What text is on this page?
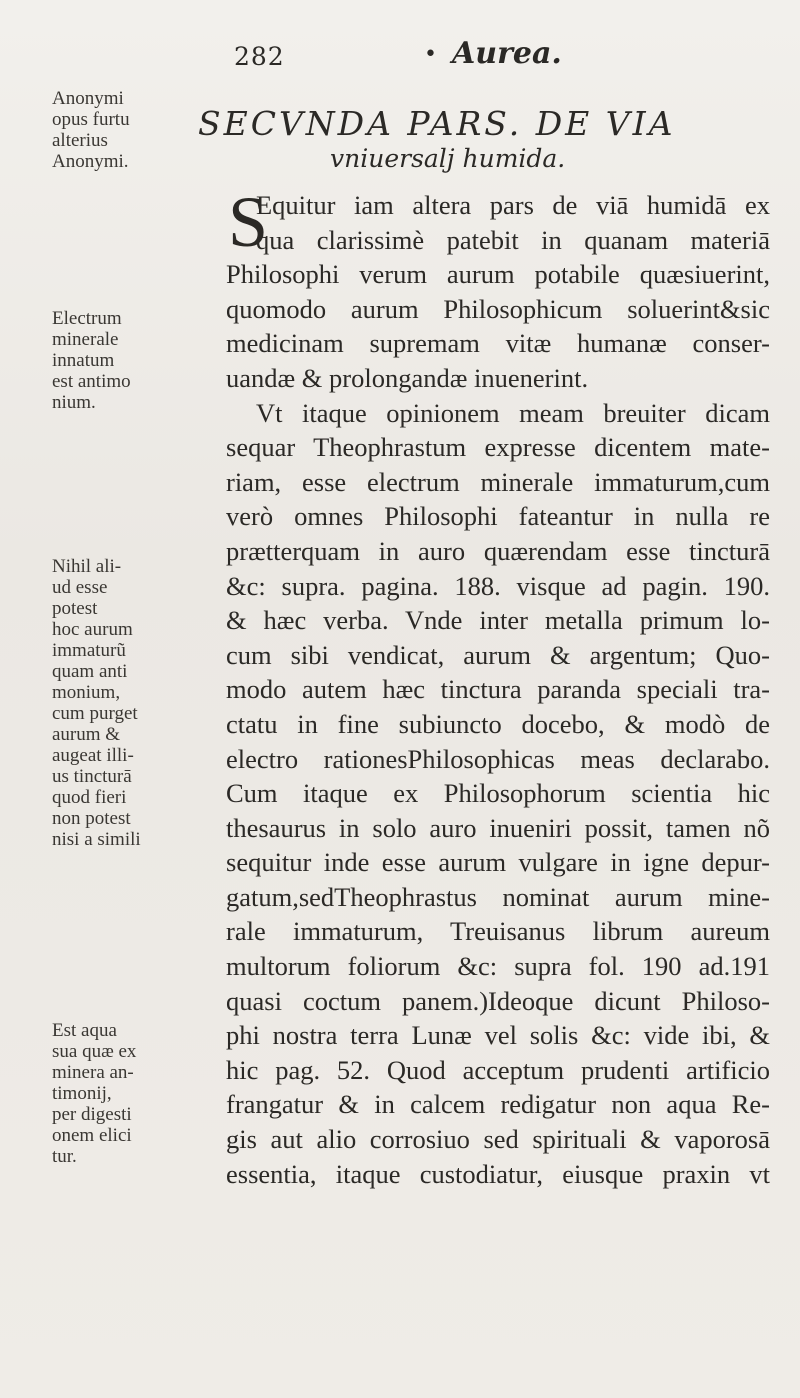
282	• Aurea.
Anonymi
opus furtu
alterius
Anonymi.
Electrum
minerale
innatum
est antimo
nium.
Nihil ali-
ud esse
potest
hoc aurum
immaturũ
quam anti
monium,
cum purget
aurum &
augeat illi-
us tincturā
quod fieri
non potest
nisi a simili
Est aqua
sua quæ ex
minera an-
timonij,
per digesti
onem elici
tur.
SECVNDA PARS. DE VIA
vniuersalj humida.
S
Equitur iam altera pars de viā humidā ex
qua clarissimè patebit in quanam materiā
Philosophi verum aurum potabile quæsiuerint,
quomodo aurum Philosophicum soluerint&sic
medicinam supremam vitæ humanæ conser-
uandæ & prolongandæ inuenerint.
Vt itaque opinionem meam breuiter dicam
sequar Theophrastum expresse dicentem mate-
riam, esse electrum minerale immaturum,cum
verò omnes Philosophi fateantur in nulla re
prætterquam in auro quærendam esse tincturā
&c: supra. pagina. 188. visque ad pagin. 190.
& hæc verba. Vnde inter metalla primum lo-
cum sibi vendicat, aurum & argentum; Quo-
modo autem hæc tinctura paranda speciali tra-
ctatu in fine subiuncto docebo, & modò de
electro rationesPhilosophicas meas declarabo.
Cum itaque ex Philosophorum scientia hic
thesaurus in solo auro inueniri possit, tamen nõ
sequitur inde esse aurum vulgare in igne depur-
gatum,sedTheophrastus nominat aurum mine-
rale immaturum, Treuisanus librum aureum
multorum foliorum &c: supra fol. 190 ad.191
quasi coctum panem.)Ideoque dicunt Philoso-
phi nostra terra Lunæ vel solis &c: vide ibi, &
hic pag. 52. Quod acceptum prudenti artificio
frangatur & in calcem redigatur non aqua Re-
gis aut alio corrosiuo sed spirituali & vaporosā
essentia, itaque custodiatur, eiusque praxin vt
